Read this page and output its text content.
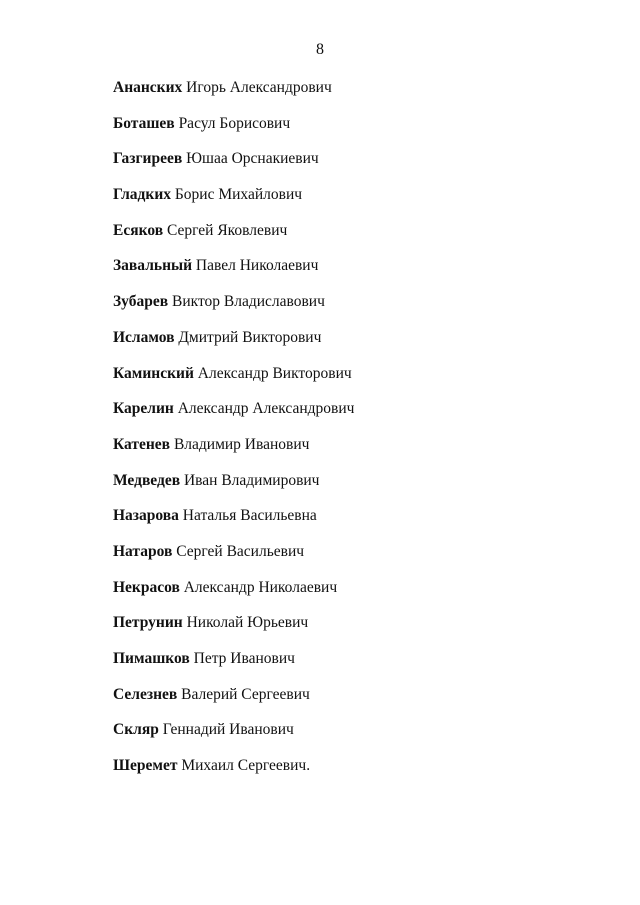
8
Ананских Игорь Александрович
Боташев Расул Борисович
Газгиреев Юшаа Орснакиевич
Гладких Борис Михайлович
Есяков Сергей Яковлевич
Завальный Павел Николаевич
Зубарев Виктор Владиславович
Исламов Дмитрий Викторович
Каминский Александр Викторович
Карелин Александр Александрович
Катенев Владимир Иванович
Медведев Иван Владимирович
Назарова Наталья Васильевна
Натаров Сергей Васильевич
Некрасов Александр Николаевич
Петрунин Николай Юрьевич
Пимашков Петр Иванович
Селезнев Валерий Сергеевич
Скляр Геннадий Иванович
Шеремет Михаил Сергеевич.
